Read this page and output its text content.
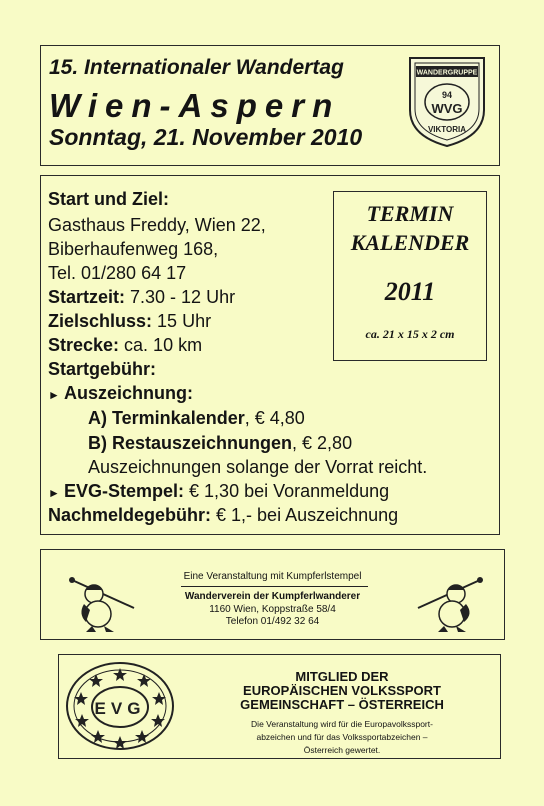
15. Internationaler Wandertag
Wien-Aspern
Sonntag, 21. November 2010
WANDERGRUPPE
94
WVG
VIKTORIA
Start und Ziel:
Gasthaus Freddy, Wien 22,
Biberhaufenweg 168,
Tel. 01/280 64 17
Startzeit: 7.30 - 12 Uhr
Zielschluss: 15 Uhr
Strecke: ca. 10 km
Startgebühr:
► Auszeichnung:
A) Terminkalender, € 4,80
B) Restauszeichnungen, € 2,80
Auszeichnungen solange der Vorrat reicht.
► EVG-Stempel: € 1,30 bei Voranmeldung
Nachmeldegebühr: € 1,- bei Auszeichnung
TERMIN
KALENDER
2011
ca. 21 x 15 x 2 cm
Eine Veranstaltung mit Kumpferlstempel
Wanderverein der Kumpferlwanderer
1160 Wien, Koppstraße 58/4
Telefon 01/492 32 64
EVG
MITGLIED DER
EUROPÄISCHEN VOLKSSPORT
GEMEINSCHAFT – ÖSTERREICH
Die Veranstaltung wird für die Europavolkssport-
abzeichen und für das Volkssportabzeichen –
Österreich gewertet.
